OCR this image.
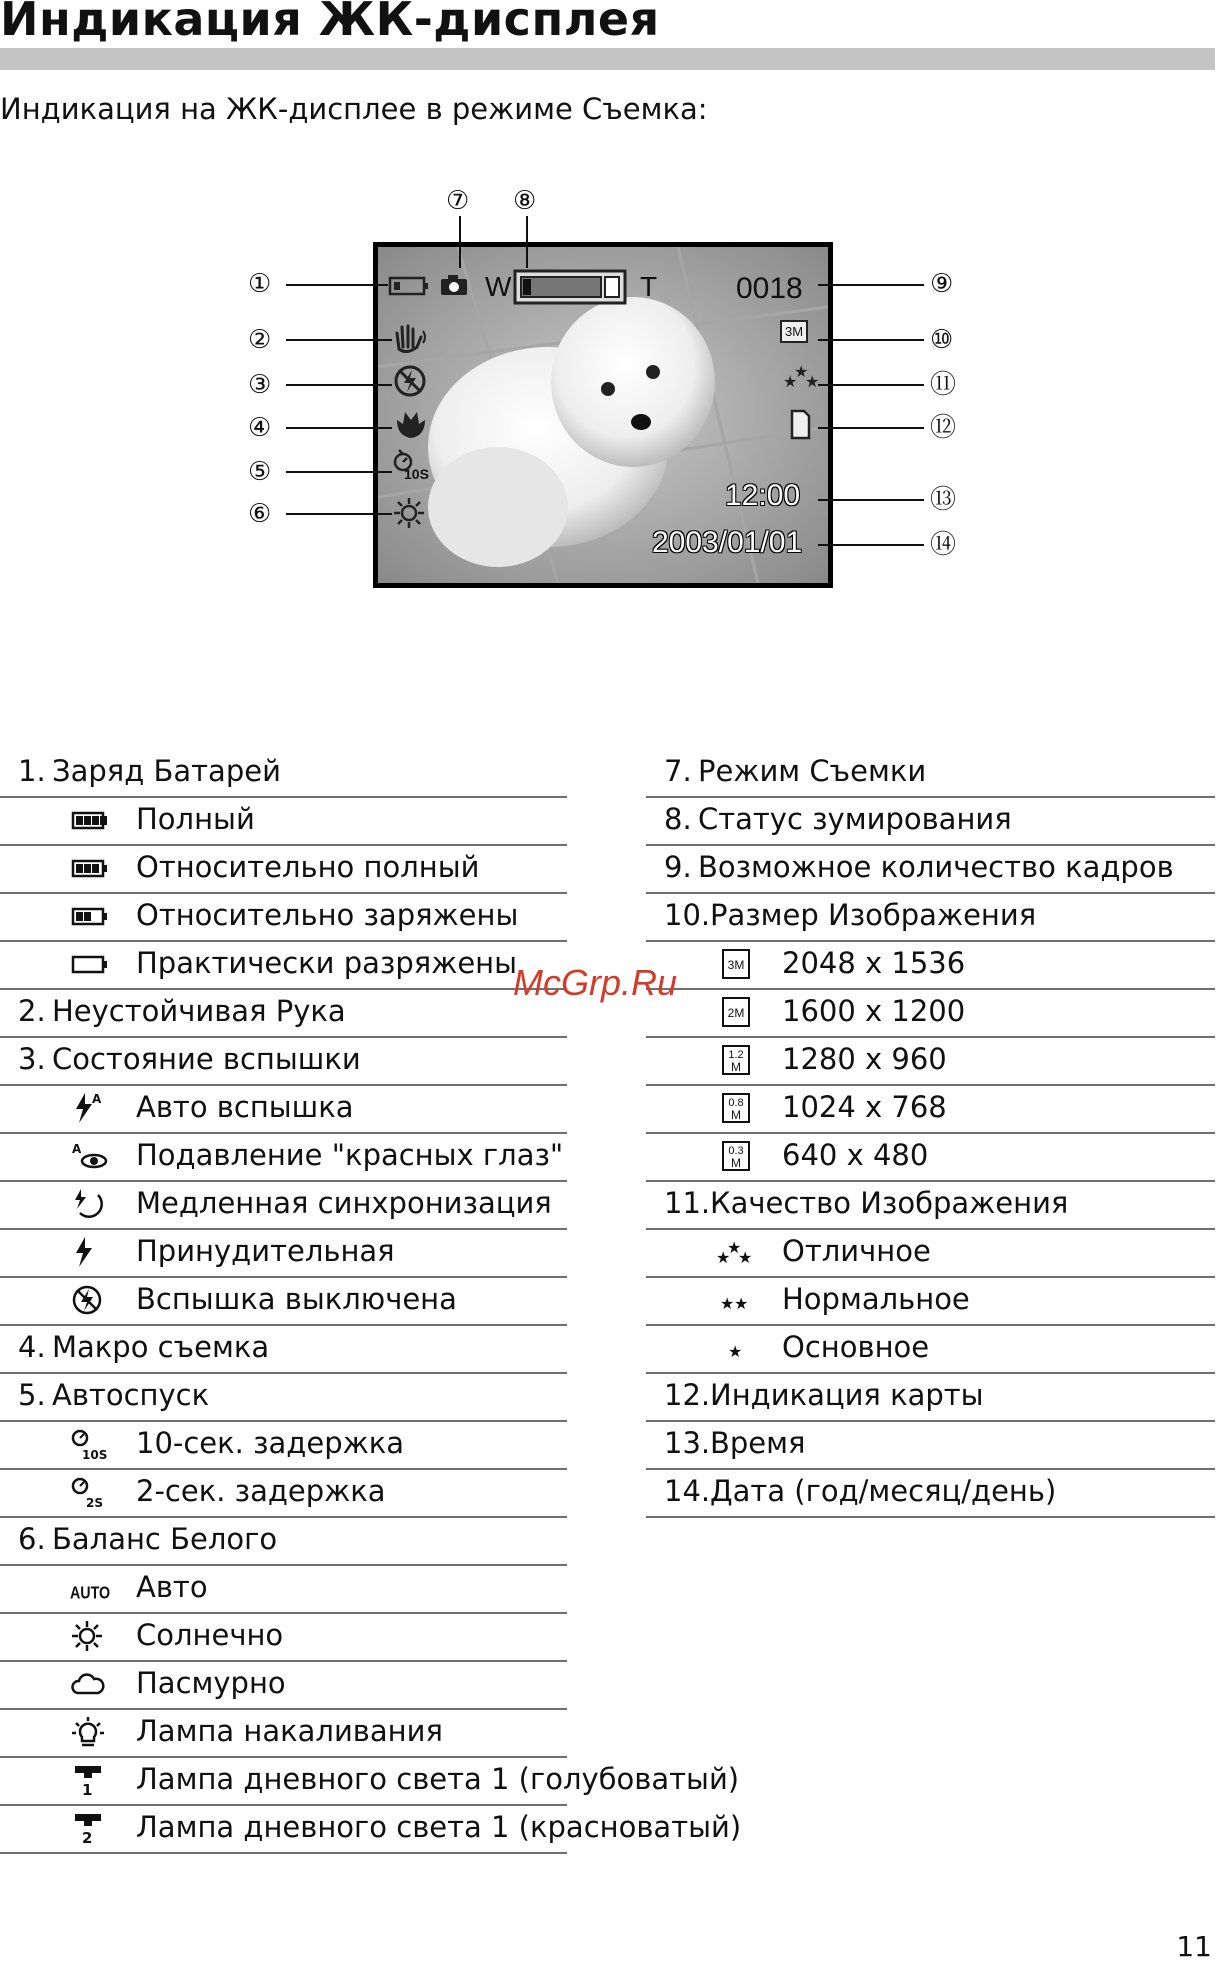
Индикация ЖК-дисплея
Индикация на ЖК-дисплее в режиме Съемка:
W	T	0018
3M
★
★
★
10S
12:00
2003/01/01
①
②
③
④
⑤
⑥
⑦ ⑧
⑨
⑩
⑪
⑫
⑬
⑭
1. Заряд Батарей
Полный
Относительно полный
Относительно заряжены
Практически разряжены
2. Неустойчивая Рука
3. Состояние вспышки
A Авто вспышка
A Подавление "красных глаз"
Медленная синхронизация
Принудительная
Вспышка выключена
4. Макро съемка
5. Автоспуск
10S 10-сек. задержка
2S 2-сек. задержка
6. Баланс Белого
AUTO Авто
Солнечно
Пасмурно
Лампа накаливания
1 Лампа дневного света 1 (голубоватый)
2 Лампа дневного света 1 (красноватый)
7. Режим Съемки
8. Статус зумирования
9. Возможное количество кадров
10. Размер Изображения
3M 2048 x 1536
2M 1600 x 1200
1.2
M 1280 x 960
0.8
M 1024 x 768
0.3
M 640 x 480
11. Качество Изображения
★
★
★ Отличное
★ ★ Нормальное
★ Основное
12. Индикация карты
13. Время
14. Дата (год/месяц/день)
McGrp.Ru
11
